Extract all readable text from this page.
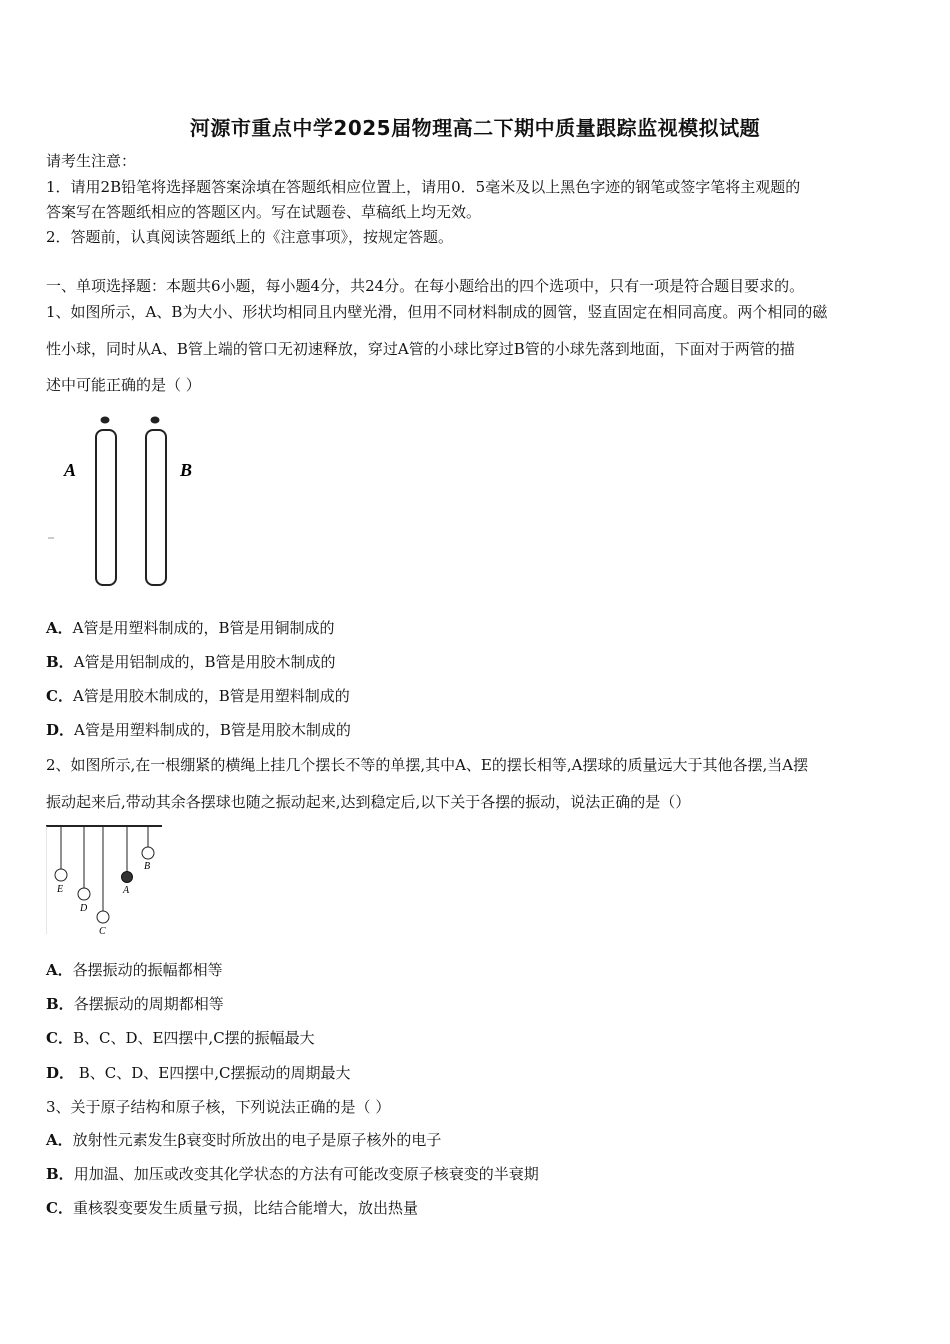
河源市重点中学2025届物理高二下期中质量跟踪监视模拟试题
请考生注意：
1．请用2B铅笔将选择题答案涂填在答题纸相应位置上，请用0．5毫米及以上黑色字迹的钢笔或签字笔将主观题的
答案写在答题纸相应的答题区内。写在试题卷、草稿纸上均无效。
2．答题前，认真阅读答题纸上的《注意事项》，按规定答题。
一、单项选择题：本题共6小题，每小题4分，共24分。在每小题给出的四个选项中，只有一项是符合题目要求的。
1、如图所示，A、B为大小、形状均相同且内壁光滑，但用不同材料制成的圆管，竖直固定在相同高度。两个相同的磁
性小球，同时从A、B管上端的管口无初速释放，穿过A管的小球比穿过B管的小球先落到地面，下面对于两管的描
述中可能正确的是（ ）
A	B
A．A管是用塑料制成的，B管是用铜制成的
B．A管是用铝制成的，B管是用胶木制成的
C．A管是用胶木制成的，B管是用塑料制成的
D．A管是用塑料制成的，B管是用胶木制成的
2、如图所示,在一根绷紧的横绳上挂几个摆长不等的单摆,其中A、E的摆长相等,A摆球的质量远大于其他各摆,当A摆
振动起来后,带动其余各摆球也随之振动起来,达到稳定后,以下关于各摆的振动，说法正确的是（）
E
D
C
A
B
A．各摆振动的振幅都相等
B．各摆振动的周期都相等
C．B、C、D、E四摆中,C摆的振幅最大
D． B、C、D、E四摆中,C摆振动的周期最大
3、关于原子结构和原子核，下列说法正确的是（ ）
A．放射性元素发生β衰变时所放出的电子是原子核外的电子
B．用加温、加压或改变其化学状态的方法有可能改变原子核衰变的半衰期
C．重核裂变要发生质量亏损，比结合能增大，放出热量
